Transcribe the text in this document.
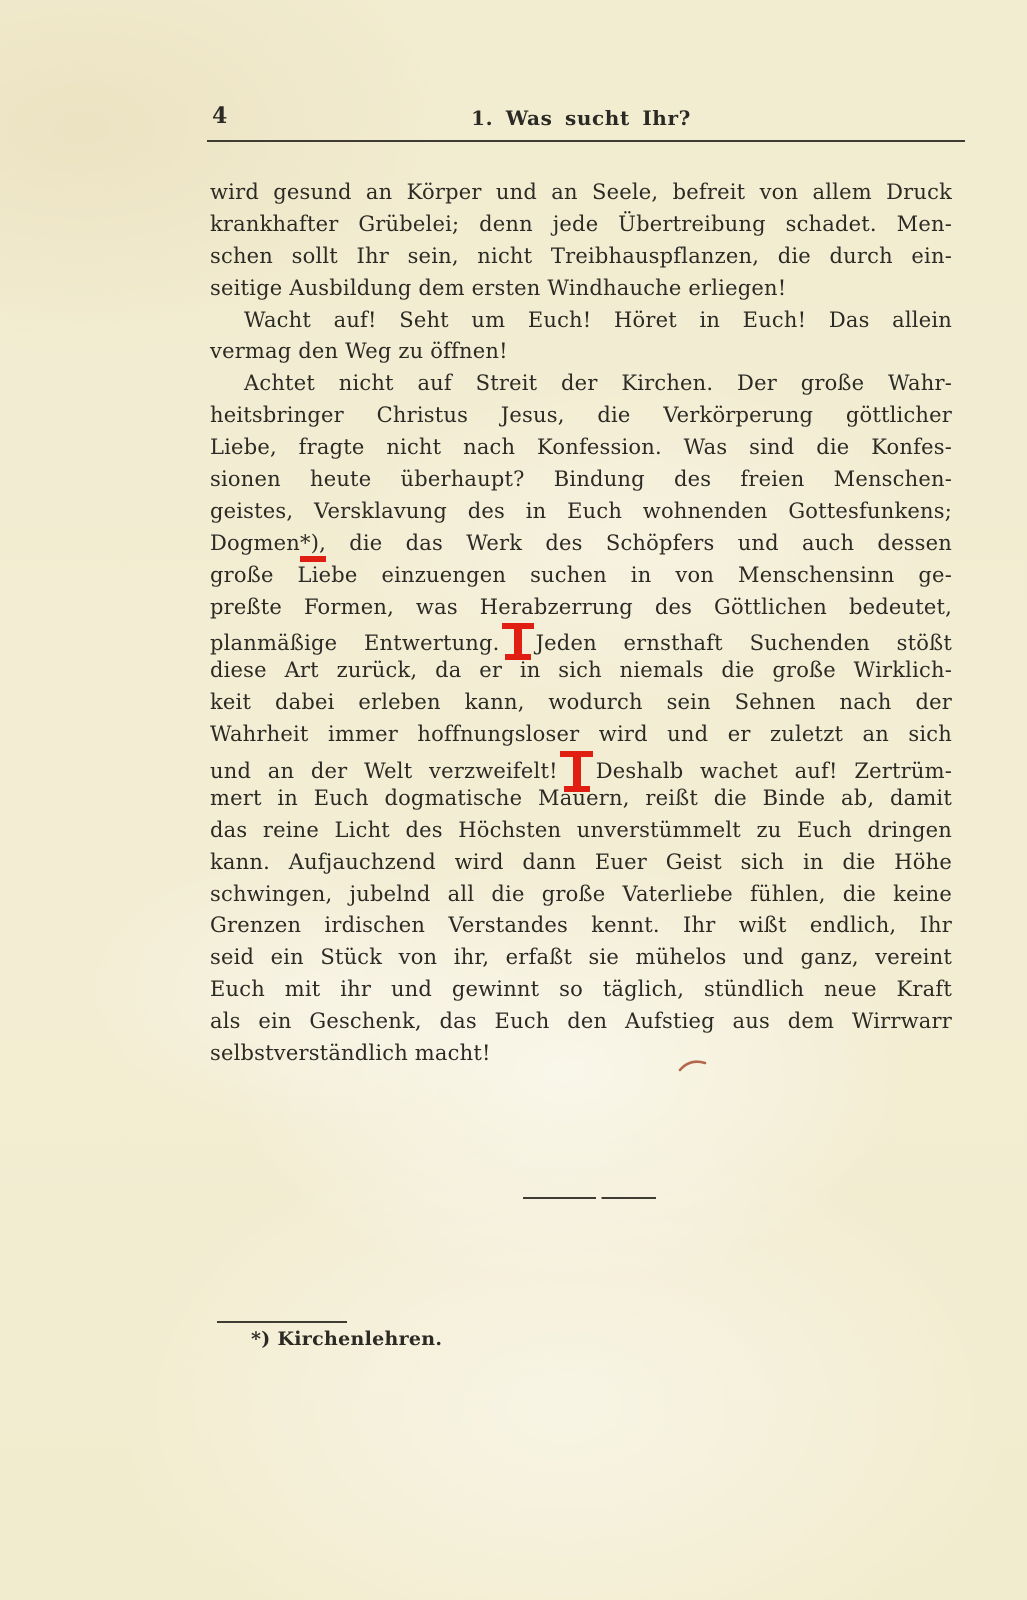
4	1. Was sucht Ihr?
wird gesund an Körper und an Seele, befreit von allem Druck
krankhafter Grübelei; denn jede Übertreibung schadet. Men-
schen sollt Ihr sein, nicht Treibhauspflanzen, die durch ein-
seitige Ausbildung dem ersten Windhauche erliegen!
Wacht auf! Seht um Euch! Höret in Euch! Das allein
vermag den Weg zu öffnen!
Achtet nicht auf Streit der Kirchen. Der große Wahr-
heitsbringer Christus Jesus, die Verkörperung göttlicher
Liebe, fragte nicht nach Konfession. Was sind die Konfes-
sionen heute überhaupt? Bindung des freien Menschen-
geistes, Versklavung des in Euch wohnenden Gottesfunkens;
Dogmen*), die das Werk des Schöpfers und auch dessen
große Liebe einzuengen suchen in von Menschensinn ge-
preßte Formen, was Herabzerrung des Göttlichen bedeutet,
planmäßige Entwertung. Jeden ernsthaft Suchenden stößt
diese Art zurück, da er in sich niemals die große Wirklich-
keit dabei erleben kann, wodurch sein Sehnen nach der
Wahrheit immer hoffnungsloser wird und er zuletzt an sich
und an der Welt verzweifelt! Deshalb wachet auf! Zertrüm-
mert in Euch dogmatische Mauern, reißt die Binde ab, damit
das reine Licht des Höchsten unverstümmelt zu Euch dringen
kann. Aufjauchzend wird dann Euer Geist sich in die Höhe
schwingen, jubelnd all die große Vaterliebe fühlen, die keine
Grenzen irdischen Verstandes kennt. Ihr wißt endlich, Ihr
seid ein Stück von ihr, erfaßt sie mühelos und ganz, vereint
Euch mit ihr und gewinnt so täglich, stündlich neue Kraft
als ein Geschenk, das Euch den Aufstieg aus dem Wirrwarr
selbstverständlich macht!
*) Kirchenlehren.
